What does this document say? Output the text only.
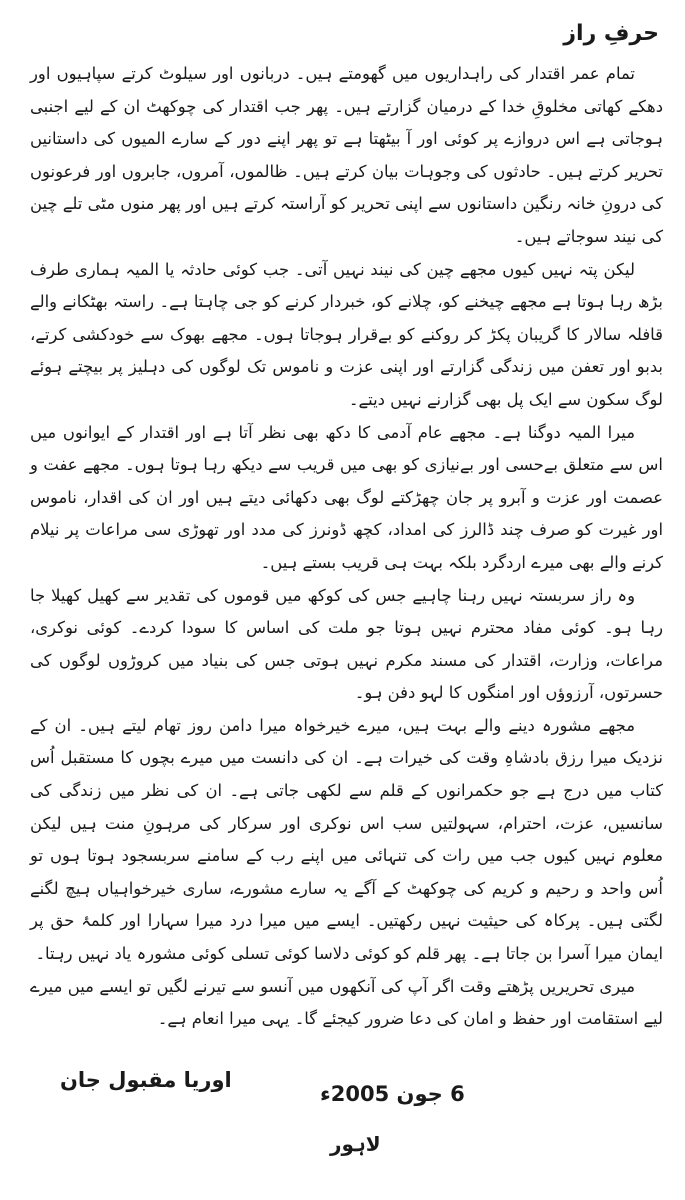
حرفِ راز

تمام عمر اقتدار کی راہداریوں میں گھومتے ہیں۔ دربانوں اور سیلوٹ کرتے سپاہیوں اور دھکے کھاتی مخلوقِ خدا کے درمیان گزارتے ہیں۔ پھر جب اقتدار کی چوکھٹ ان کے لیے اجنبی ہوجاتی ہے اس دروازے پر کوئی اور آ بیٹھتا ہے تو پھر اپنے دور کے سارے المیوں کی داستانیں تحریر کرتے ہیں۔ حادثوں کی وجوہات بیان کرتے ہیں۔ ظالموں، آمروں، جابروں اور فرعونوں کی درونِ خانہ رنگین داستانوں سے اپنی تحریر کو آراستہ کرتے ہیں اور پھر منوں مٹی تلے چین کی نیند سوجاتے ہیں۔

لیکن پتہ نہیں کیوں مجھے چین کی نیند نہیں آتی۔ جب کوئی حادثہ یا المیہ ہماری طرف بڑھ رہا ہوتا ہے مجھے چیخنے کو، چلانے کو، خبردار کرنے کو جی چاہتا ہے۔ راستہ بھٹکانے والے قافلہ سالار کا گریبان پکڑ کر روکنے کو بےقرار ہوجاتا ہوں۔ مجھے بھوک سے خودکشی کرتے، بدبو اور تعفن میں زندگی گزارتے اور اپنی عزت و ناموس تک لوگوں کی دہلیز پر بیچتے ہوئے لوگ سکون سے ایک پل بھی گزارنے نہیں دیتے۔

میرا المیہ دوگنا ہے۔ مجھے عام آدمی کا دکھ بھی نظر آتا ہے اور اقتدار کے ایوانوں میں اس سے متعلق بےحسی اور بےنیازی کو بھی میں قریب سے دیکھ رہا ہوتا ہوں۔ مجھے عفت و عصمت اور عزت و آبرو پر جان چھڑکتے لوگ بھی دکھائی دیتے ہیں اور ان کی اقدار، ناموس اور غیرت کو صرف چند ڈالرز کی امداد، کچھ ڈونرز کی مدد اور تھوڑی سی مراعات پر نیلام کرنے والے بھی میرے اردگرد بلکہ بہت ہی قریب بستے ہیں۔

وہ راز سربستہ نہیں رہنا چاہیے جس کی کوکھ میں قوموں کی تقدیر سے کھیل کھیلا جا رہا ہو۔ کوئی مفاد محترم نہیں ہوتا جو ملت کی اساس کا سودا کردے۔ کوئی نوکری، مراعات، وزارت، اقتدار کی مسند مکرم نہیں ہوتی جس کی بنیاد میں کروڑوں لوگوں کی حسرتوں، آرزوؤں اور امنگوں کا لہو دفن ہو۔

مجھے مشورہ دینے والے بہت ہیں، میرے خیرخواہ میرا دامن روز تھام لیتے ہیں۔ ان کے نزدیک میرا رزق بادشاہِ وقت کی خیرات ہے۔ ان کی دانست میں میرے بچوں کا مستقبل اُس کتاب میں درج ہے جو حکمرانوں کے قلم سے لکھی جاتی ہے۔ ان کی نظر میں زندگی کی سانسیں، عزت، احترام، سہولتیں سب اس نوکری اور سرکار کی مرہونِ منت ہیں لیکن معلوم نہیں کیوں جب میں رات کی تنہائی میں اپنے رب کے سامنے سربسجود ہوتا ہوں تو اُس واحد و رحیم و کریم کی چوکھٹ کے آگے یہ سارے مشورے، ساری خیرخواہیاں ہیچ لگنے لگتی ہیں۔ پرکاہ کی حیثیت نہیں رکھتیں۔ ایسے میں میرا درد میرا سہارا اور کلمۂ حق پر ایمان میرا آسرا بن جاتا ہے۔ پھر قلم کو کوئی دلاسا کوئی تسلی کوئی مشورہ یاد نہیں رہتا۔

میری تحریریں پڑھتے وقت اگر آپ کی آنکھوں میں آنسو سے تیرنے لگیں تو ایسے میں میرے لیے استقامت اور حفظ و امان کی دعا ضرور کیجئے گا۔ یہی میرا انعام ہے۔

اوریا مقبول جان
6 جون 2005ء
لاہور
